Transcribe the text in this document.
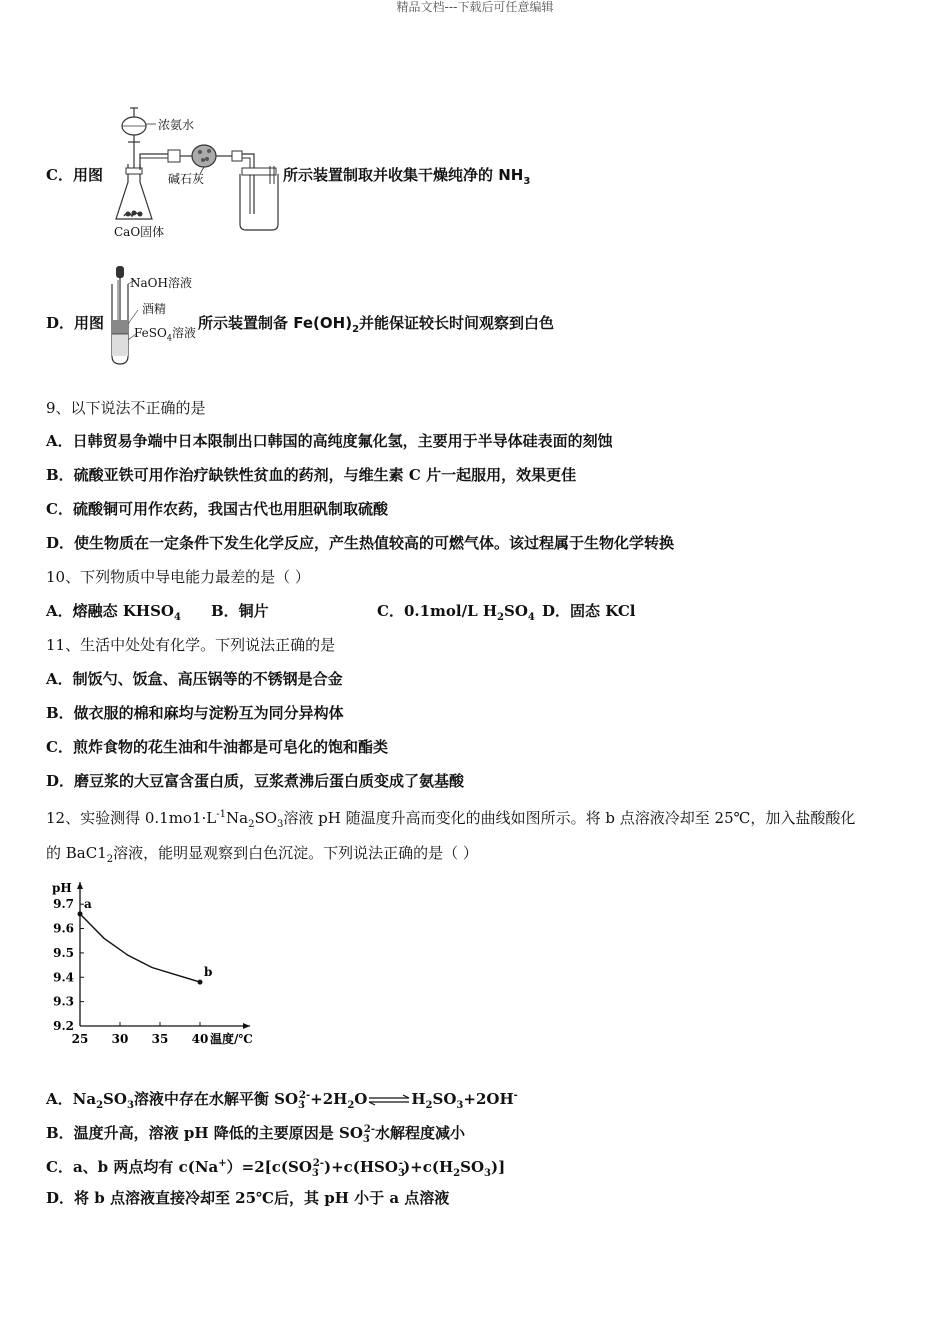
精品文档---下载后可任意编辑
C．用图
浓氨水
碱石灰
CaO固体
所示装置制取并收集干燥纯净的 $NH_3$
D．用图
NaOH溶液
酒精
FeSO$_4$溶液
所示装置制备 $Fe(OH)_2$并能保证较长时间观察到白色
9、以下说法不正确的是
A．日韩贸易争端中日本限制出口韩国的高纯度氟化氢，主要用于半导体硅表面的刻蚀
B．硫酸亚铁可用作治疗缺铁性贫血的药剂，与维生素 C 片一起服用，效果更佳
C．硫酸铜可用作农药，我国古代也用胆矾制取硫酸
D．使生物质在一定条件下发生化学反应，产生热值较高的可燃气体。该过程属于生物化学转换
10、下列物质中导电能力最差的是（ ）
A．熔融态 $KHSO_4$ B．铜片	C．0.1mol/L $H_2SO_4$ D．固态 KCl
11、生活中处处有化学。下列说法正确的是
A．制饭勺、饭盒、高压锅等的不锈钢是合金
B．做衣服的棉和麻均与淀粉互为同分异构体
C．煎炸食物的花生油和牛油都是可皂化的饱和酯类
D．磨豆浆的大豆富含蛋白质，豆浆煮沸后蛋白质变成了氨基酸
12、实验测得 $0.1mo1\cdot L^{-1}Na_2SO_3$溶液 pH 随温度升高而变化的曲线如图所示。将 b 点溶液冷却至 25℃，加入盐酸酸化
的 $BaC1_2$溶液，能明显观察到白色沉淀。下列说法正确的是（ ）
pH
25 30 35 40 温度/℃
9.7
9.6
9.5
9.4
9.3
9.2
a
b
A．$Na_2SO_3$溶液中存在水解平衡 $SO_3^{2-}+2H_2O\rightleftharpoons H_2SO_3+2OH^-$
B．温度升高，溶液 pH 降低的主要原因是 $SO_3^{2-}$水解程度减小
C．a、b 两点均有 $c(Na^+)=2[c(SO_3^{2-})+c(HSO_3^-)+c(H_2SO_3)]$
D．将 b 点溶液直接冷却至 25℃后，其 pH 小于 a 点溶液
